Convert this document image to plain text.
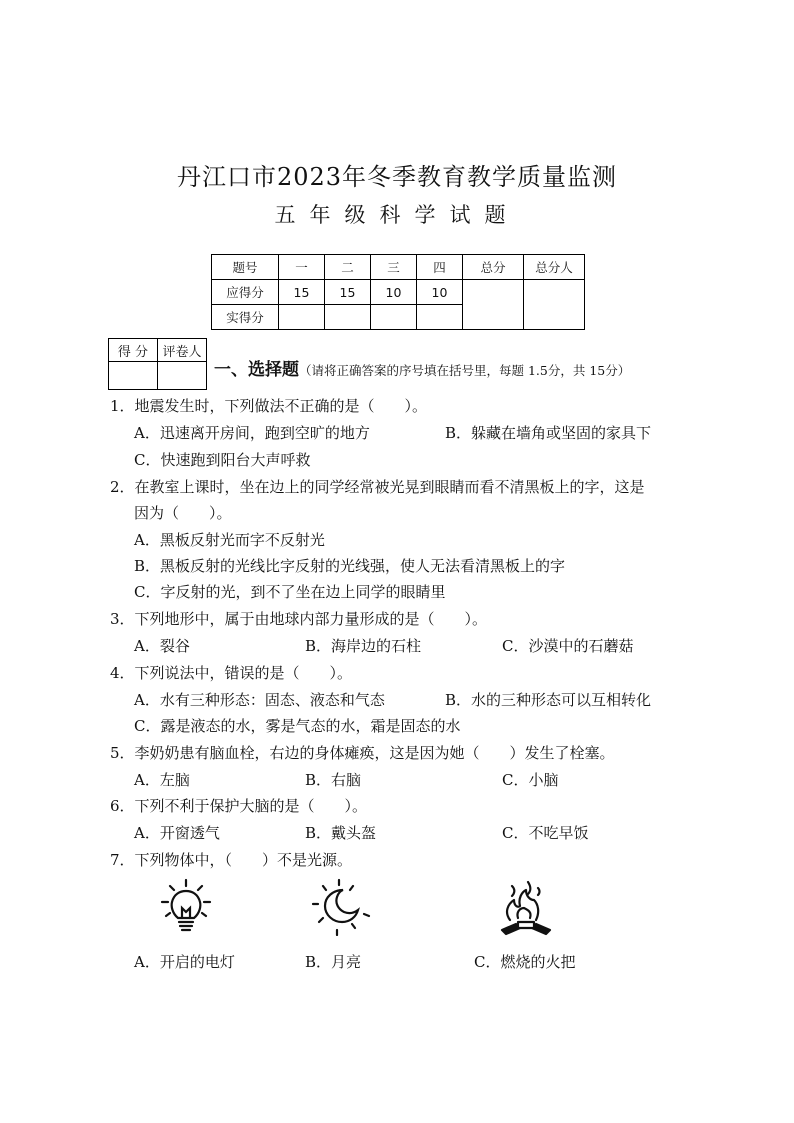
丹江口市2023年冬季教育教学质量监测
五年级科学试题
题号	一	二	三	四	总分	总分人
应得分	15	15	10	10		
实得分						
得 分	评卷人

一、选择题（请将正确答案的序号填在括号里，每题 1.5分，共 15分）
1．地震发生时，下列做法不正确的是（　　）。
A．迅速离开房间，跑到空旷的地方	B．躲藏在墙角或坚固的家具下
C．快速跑到阳台大声呼救
2．在教室上课时，坐在边上的同学经常被光晃到眼睛而看不清黑板上的字，这是
因为（　　）。
A．黑板反射光而字不反射光
B．黑板反射的光线比字反射的光线强，使人无法看清黑板上的字
C．字反射的光，到不了坐在边上同学的眼睛里
3．下列地形中，属于由地球内部力量形成的是（　　）。
A．裂谷	B．海岸边的石柱	C．沙漠中的石蘑菇
4．下列说法中，错误的是（　　）。
A．水有三种形态：固态、液态和气态	B．水的三种形态可以互相转化
C．露是液态的水，雾是气态的水，霜是固态的水
5．李奶奶患有脑血栓，右边的身体瘫痪，这是因为她（　　）发生了栓塞。
A．左脑	B．右脑	C．小脑
6．下列不利于保护大脑的是（　　）。
A．开窗透气	B．戴头盔	C．不吃早饭
7．下列物体中，（　　）不是光源。
A．开启的电灯	B．月亮	C．燃烧的火把
